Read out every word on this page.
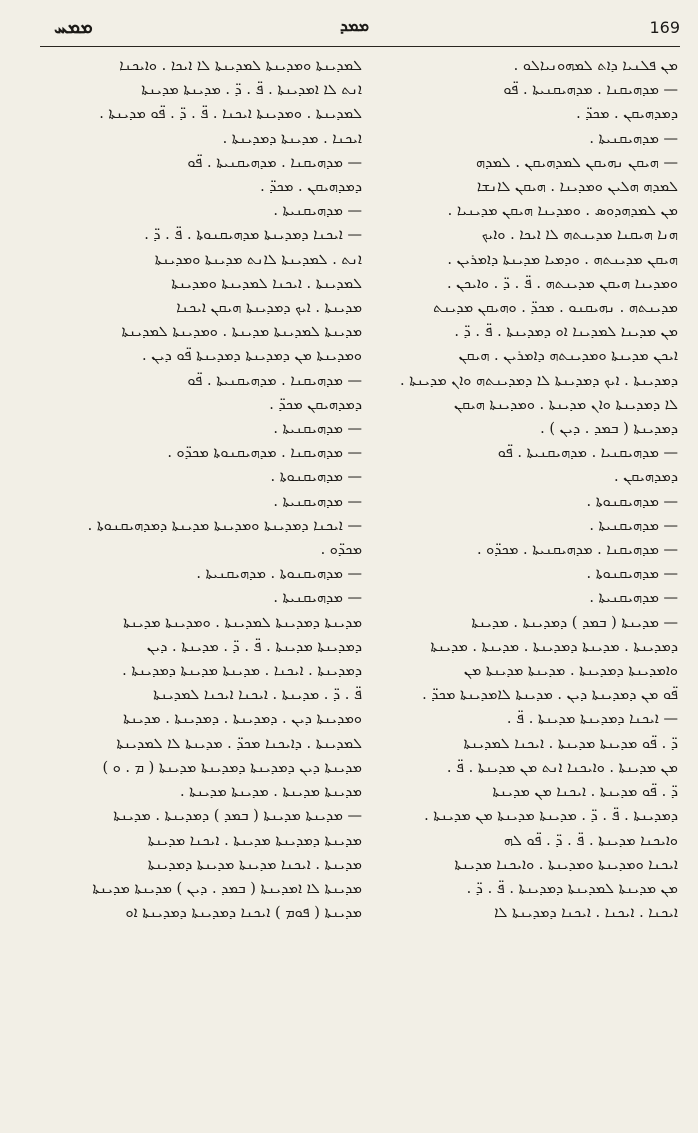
ܡܡܚ	ܡܡܕ	169
ܡܢ ܦܠܢܝܐ ܕܐܬ ܠܡܗܘܢܝܐܠܘ .
— ܡܕܗܝܩܢܐ . ܡܕܗܝܩܢܝܬܐ . ܦ̈ܘ
ܕܡܕܗܝܩܢ . ܡܟܕ̈ .
— ܡܕܗܝܩܢܝܬܐ .
— ܗܝܩܢ ܢܗܝܩܢ ܠܡܕܗܝܩܢ . ܠܡܕܗ
ܠܡܕܗ ܗܠܝܢ ܘܡܕܝܢܐ . ܗܝܩܢ ܠܐܢܫܐ
ܡܢ ܠܡܕܗܕܘܣ . ܘܡܕܝܢܐ ܗܝܩܢ ܡܕܝܢܝܐ .
ܗܢܐ ܗܝܩܢܐ ܡܕܝܢܬܗ ܠܐ ܐܝܟܐ . ܘܐܝܟ
ܗܝܩܢ ܡܕܝܢܬܗ . ܘܕܡܝܐ ܡܕܝܢܬܐ ܕܐܡܪܝܢ .
ܘܡܕܝܢܐ ܗܝܩܢ ܡܕܝܢܬܗ . ܦ̈ . ܕ̈ . ܘܐܝܟܢ .
ܡܕܝܢܬܗ . ܢܗܝܩܢܘ . ܡܟܕ̈ . ܘܗܝܩܢ ܡܕܝܢܬ
ܡܢ ܡܕܝܢܐ ܠܡܕܝܢܐ ܐܘ ܕܡܕܝܢܬܐ . ܦ̈ . ܕ̈ .
ܐܝܟܢ ܡܕܝܢܬܐ ܘܡܕܝܢܬܗ ܕܐܡܪܝܢ . ܗܝܩܢ
ܕܡܕܝܢܬܐ . ܐܝܟ ܕܡܕܝܢܬܐ ܠܐ ܕܡܕܝܢܬܗ ܘܐܢ ܡܕܝܢܬܐ .
ܠܐ ܕܡܕܝܢܬܐ ܘܐܢ ܡܕܝܢܬܐ . ܘܡܕܝܢܬܐ ܗܝܩܢ
ܕܡܕܝܢܬܐ ( ܒܡܕ . ܕܝܢ ) .
— ܡܕܗܝܩܢܝܐ . ܡܕܗܝܩܢܝܬܐ . ܦ̈ܘ
ܕܡܕܗܝܩܢ .
— ܡܕܗܝܩܢܘܬܐ .
— ܡܕܗܝܩܢܝܬܐ .
— ܡܕܗܝܩܢܐ . ܡܕܗܝܩܢܝܬܐ . ܡܟܕ̈ܘ .
— ܡܕܗܝܩܢܘܬܐ .
— ܡܕܗܝܩܢܝܬܐ .
— ܡܕܝܢܬܐ ( ܒܡܕ ) ܕܡܕܝܢܬܐ . ܡܕܝܢܬܐ
ܕܡܕܝܢܬܐ . ܡܕܝܢܬܐ ܕܡܕܝܢܬܐ . ܡܕܝܢܬܐ . ܡܕܝܢܬܐ
ܘܐܡܕܝܢܬܐ ܕܡܕܝܢܬܐ . ܡܕܝܢܬܐ ܡܕܝܢܬܐ ܡܢ
ܦ̈ܘ ܡܢ ܕܡܕܝܢܬܐ ܕܝܢ . ܡܕܝܢܬܐ ܠܐܡܕܝܢܬܐ ܡܟܕ̈ .
— ܐܝܟܢܐ ܕܡܕܝܢܬܐ ܡܕܝܢܬܐ . ܦ̈ .
ܕ̈ . ܦ̈ܘ ܡܕܝܢܬܐ ܡܕܝܢܬܐ . ܐܝܟܢܐ ܠܡܕܝܢܬܐ
ܡܢ ܡܕܝܢܬܐ . ܘܐܝܟܢܐ ܐܢܬ ܡܢ ܡܕܝܢܬܐ . ܦ̈ .
ܕ̈ . ܦ̈ܘ ܡܕܝܢܬܐ . ܐܝܟܢܐ ܡܢ ܡܕܝܢܬܐ
ܕܡܕܝܢܬܐ . ܦ̈ . ܕ̈ . ܡܕܝܢܬܐ ܡܕܝܢܬܐ ܡܢ ܡܕܝܢܬܐ .
ܘܐܝܟܢܐ ܡܕܝܢܬܐ . ܦ̈ . ܕ̈ . ܦ̈ܘ ܠܗ
ܐܝܟܢܐ ܘܡܕܝܢܬܐ ܘܡܕܝܢܬܐ . ܘܐܝܟܢܐ ܡܕܝܢܬܐ
ܡܢ ܡܕܝܢܬܐ ܠܡܕܝܢܬܐ ܕܡܕܝܢܬܐ . ܦ̈ . ܕ̈ .
ܐܝܟܢܐ . ܐܝܟܢܐ . ܐܝܟܢܐ ܕܡܕܝܢܬܐ ܠܐ
ܠܡܕܝܢܬܐ ܘܡܕܝܢܬܐ ܠܡܕܝܢܬܐ ܠܐ ܐܝܟܐ . ܘܐܝܟܢܐ
ܐܢܬ ܠܐ ܐܡܕܝܢܬܐ . ܦ̈ . ܕ̈ . ܡܕܝܢܬܐ ܡܕܝܢܬܐ
ܠܡܕܝܢܬܐ . ܘܡܕܝܢܬܐ ܐܝܟܢܐ . ܦ̈ . ܕ̈ . ܦ̈ܘ ܡܕܝܢܬܐ .
ܐܝܟܢܐ . ܡܕܝܢܬܐ ܕܡܕܝܢܬܐ .
— ܡܕܗܝܩܢܐ . ܡܕܗܝܩܢܝܬܐ . ܦ̈ܘ
ܕܡܕܗܝܩܢ . ܡܟܕ̈ .
— ܡܕܗܝܩܢܝܬܐ .
— ܐܝܟܢܐ ܕܡܕܝܢܬܐ ܡܕܗܝܩܢܘܬܐ . ܦ̈ . ܕ̈ .
ܐܢܬ . ܠܡܕܝܢܬܐ ܠܐܢܬ ܡܕܝܢܬܐ ܘܡܕܝܢܬܐ
ܠܡܕܝܢܬܐ . ܐܝܟܢܐ ܠܡܕܝܢܬܐ ܘܡܕܝܢܬܐ
ܡܕܝܢܬܐ . ܐܝܟ ܕܡܕܝܢܬܐ ܗܝܩܢ ܐܝܟܢܐ
ܡܕܝܢܬܐ ܠܡܕܝܢܬܐ ܡܕܝܢܬܐ . ܘܡܕܝܢܬܐ ܠܡܕܝܢܬܐ
ܘܡܕܝܢܬܐ ܡܢ ܕܡܕܝܢܬܐ ܕܡܕܝܢܬܐ ܦ̈ܘ ܕܝܢ .
— ܡܕܗܝܩܢܐ . ܡܕܗܝܩܢܝܬܐ . ܦ̈ܘ
ܕܡܕܗܝܩܢ ܡܟܕ̈ .
— ܡܕܗܝܩܢܝܬܐ .
— ܡܕܗܝܩܢܐ . ܡܕܗܝܩܢܘܬܐ ܡܟܕ̈ܘ .
— ܡܕܗܝܩܢܘܬܐ .
— ܡܕܗܝܩܢܝܬܐ .
— ܐܝܟܢܐ ܕܡܕܝܢܬܐ ܘܡܕܝܢܬܐ ܡܕܝܢܬܐ ܕܡܕܗܝܩܢܘܬܐ .
ܡܟܕ̈ܘ .
— ܡܕܗܝܩܢܘܬܐ . ܡܕܗܝܩܢܝܬܐ .
— ܡܕܗܝܩܢܝܬܐ .
ܡܕܝܢܬܐ ܕܡܕܝܢܬܐ ܠܡܕܝܢܬܐ . ܘܡܕܝܢܬܐ ܡܕܝܢܬܐ
ܕܡܕܝܢܬܐ ܡܕܝܢܬܐ . ܦ̈ . ܕ̈ . ܡܕܝܢܬܐ . ܕܝܢ
ܕܡܕܝܢܬܐ . ܐܝܟܢܐ . ܡܕܝܢܬܐ ܡܕܝܢܬܐ ܕܡܕܝܢܬܐ .
ܦ̈ . ܕ̈ . ܡܕܝܢܬܐ . ܐܝܟܢܐ ܐܝܟܢܐ ܠܡܕܝܢܬܐ
ܘܡܕܝܢܬܐ ܕܝܢ . ܕܡܕܝܢܬܐ . ܕܡܕܝܢܬܐ . ܡܕܝܢܬܐ
ܠܡܕܝܢܬܐ . ܕܐܝܟܢܐ ܡܟܕ̈ . ܡܕܝܢܬܐ ܠܐ ܠܡܕܝܢܬܐ
ܡܕܝܢܬܐ ܕܝܢ ܕܡܕܝܢܬܐ ܕܡܕܝܢܬܐ ܡܕܝܢܬܐ ( ܡ . ܘ )
ܡܕܝܢܬܐ ܡܕܝܢܬܐ . ܡܕܝܢܬܐ ܡܕܝܢܬܐ .
— ܡܕܝܢܬܐ ܡܕܝܢܬܐ ( ܒܡܕ ) ܕܡܕܝܢܬܐ . ܡܕܝܢܬܐ
ܡܕܝܢܬܐ ܕܡܕܝܢܬܐ ܡܕܝܢܬܐ . ܐܝܟܢܐ ܡܕܝܢܬܐ
ܡܕܝܢܬܐ . ܐܝܟܢܐ ܡܕܝܢܬܐ ܡܕܝܢܬܐ ܕܡܕܝܢܬܐ
ܡܕܝܢܬܐ ܠܐ ܐܡܕܝܢܬܐ ( ܒܡܕ . ܕܝܢ ) ܡܕܝܢܬܐ ܡܕܝܢܬܐ
ܡܕܝܢܬܐ ( ܦܘܡ ) ܐܝܟܢܐ ܕܡܕܝܢܬܐ ܕܡܕܝܢܬܐ ܐܘ
